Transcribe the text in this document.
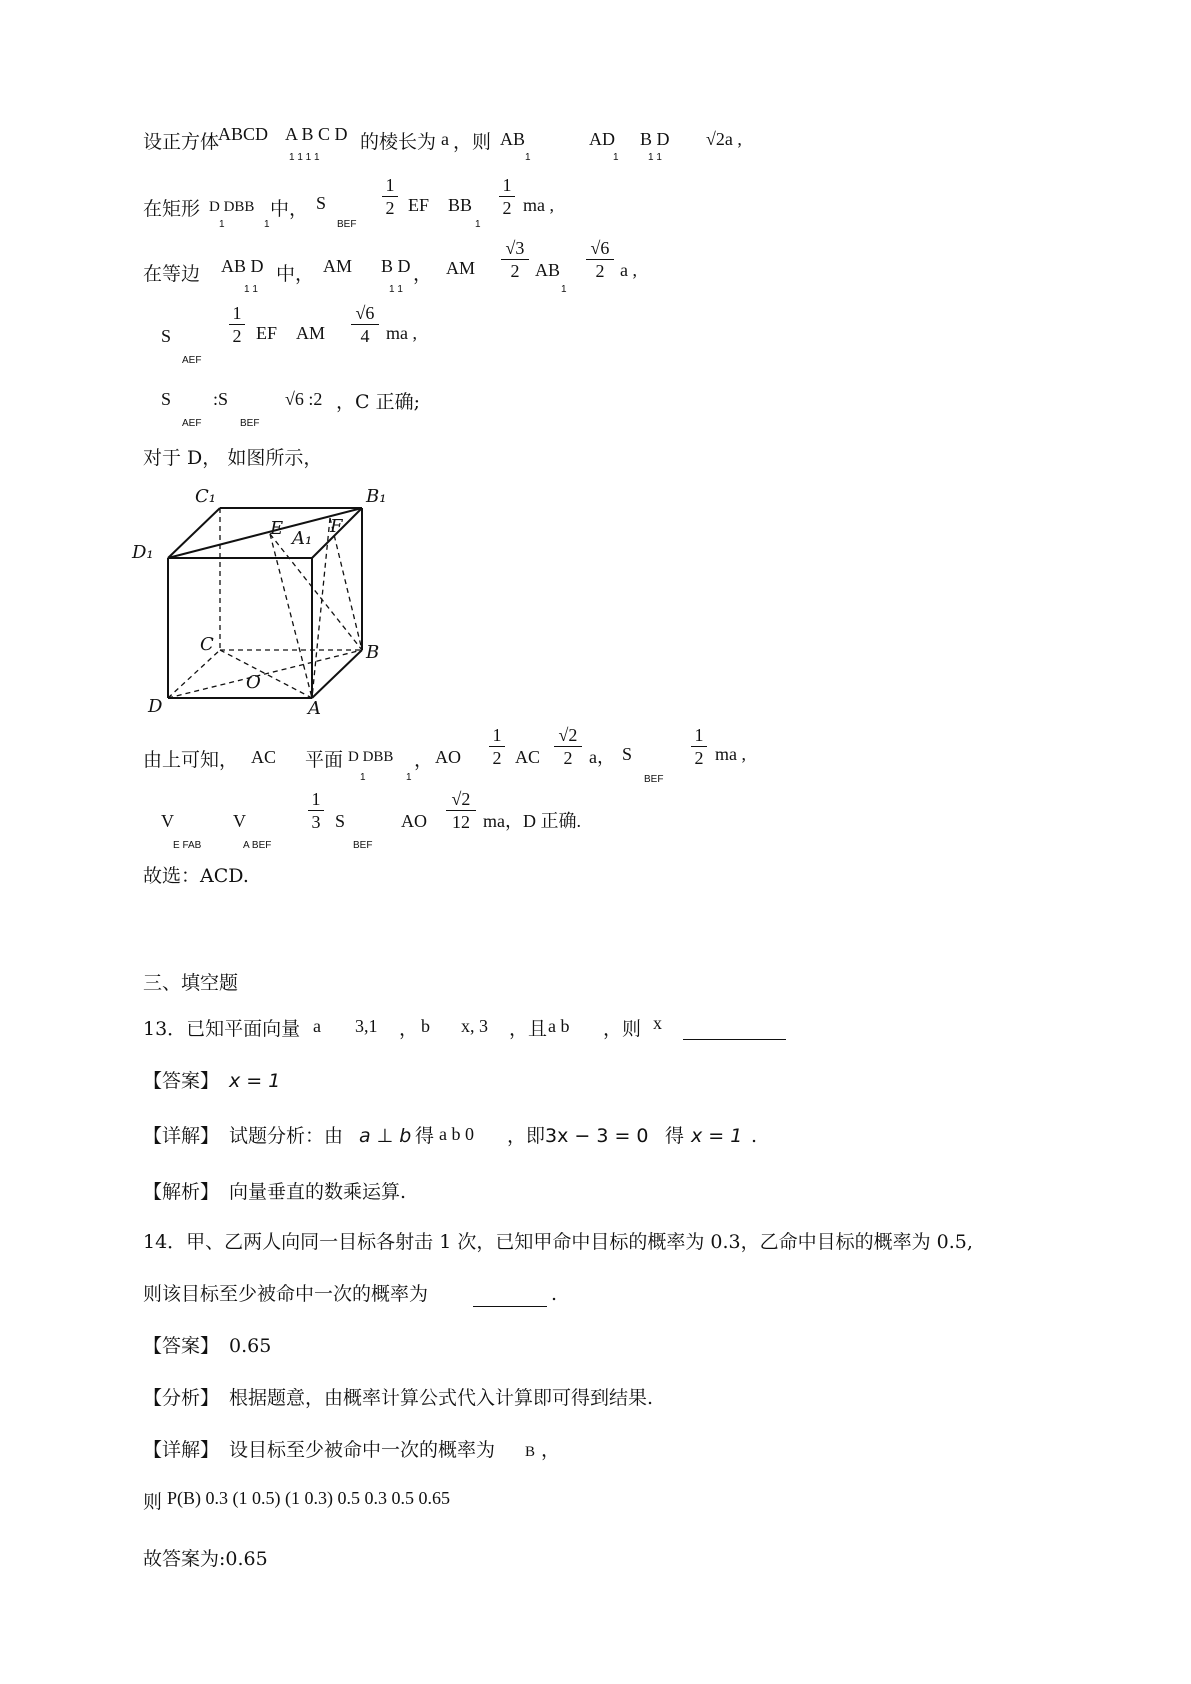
设正方体
ABCD A B C D
1 1 1 1
的棱长为 a ，则 AB
1
AD
1
B D
1 1
√2a ,
在矩形 D DBB
1	1
中， S
BEF
1
2 EF BB
1
1
2 ma ,
在等边 AB D
1 1
中， AM B D
1 1
， AM
√3
2 AB
1
√6
2 a ,
S
AEF
1
2 EF AM
√6
4 ma ,
S
AEF
:S
BEF
√6 :2 ，C 正确;
对于 D， 如图所示，
C₁	B₁
D₁
E	F
A₁
C	B
D	A
O
由上可知， AC 平面 D DBB
1	1
， AO
1
2 AC
√2
2 a， S
BEF
1
2 ma ,
V
E FAB
V
A BEF
1
3 S
BEF
AO
√2
12 ma，D 正确.
故选：ACD.
三、填空题
13．已知平面向量 a 3,1 ， b x, 3 ，且 a b ，则 x
【答案】 x = 1
【详解】 试题分析：由 a ⊥ b 得 a b 0 ，即 3x − 3 = 0 得 x = 1 .
【解析】 向量垂直的数乘运算.
14．甲、乙两人向同一目标各射击 1 次，已知甲命中目标的概率为 0.3，乙命中目标的概率为 0.5,
则该目标至少被命中一次的概率为	.
【答案】 0.65
【分析】 根据题意，由概率计算公式代入计算即可得到结果.
【详解】 设目标至少被命中一次的概率为 B ，
则 P(B) 0.3 (1 0.5) (1 0.3) 0.5 0.3 0.5 0.65
故答案为:0.65
